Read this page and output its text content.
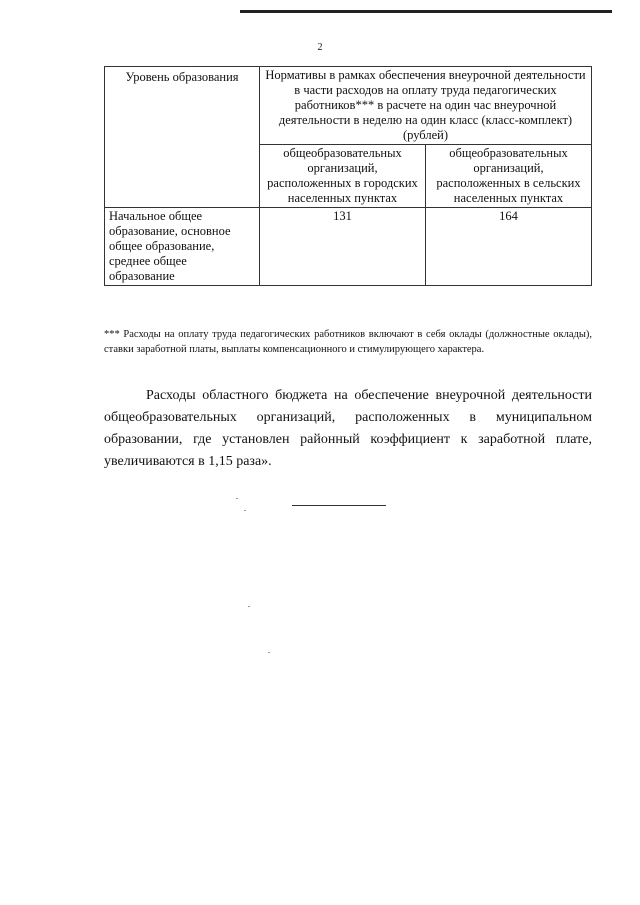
2
Уровень образования	Нормативы в рамках обеспечения внеурочной деятельности в части расходов на оплату труда педагогических работников*** в расчете на один час внеурочной деятельности в неделю на один класс (класс-комплект) (рублей)	
	общеобразовательных организаций, расположенных в городских населенных пунктах	общеобразовательных организаций, расположенных в сельских населенных пунктах
Начальное общее образование, основное общее образование, среднее общее образование	131	164
*** Расходы на оплату труда педагогических работников включают в себя оклады (должностные оклады), ставки заработной платы, выплаты компенсационного и стимулирующего характера.
Расходы областного бюджета на обеспечение внеурочной деятельности общеобразовательных организаций, расположенных в муниципальном образовании, где установлен районный коэффициент к заработной плате, увеличиваются в 1,15 раза».
